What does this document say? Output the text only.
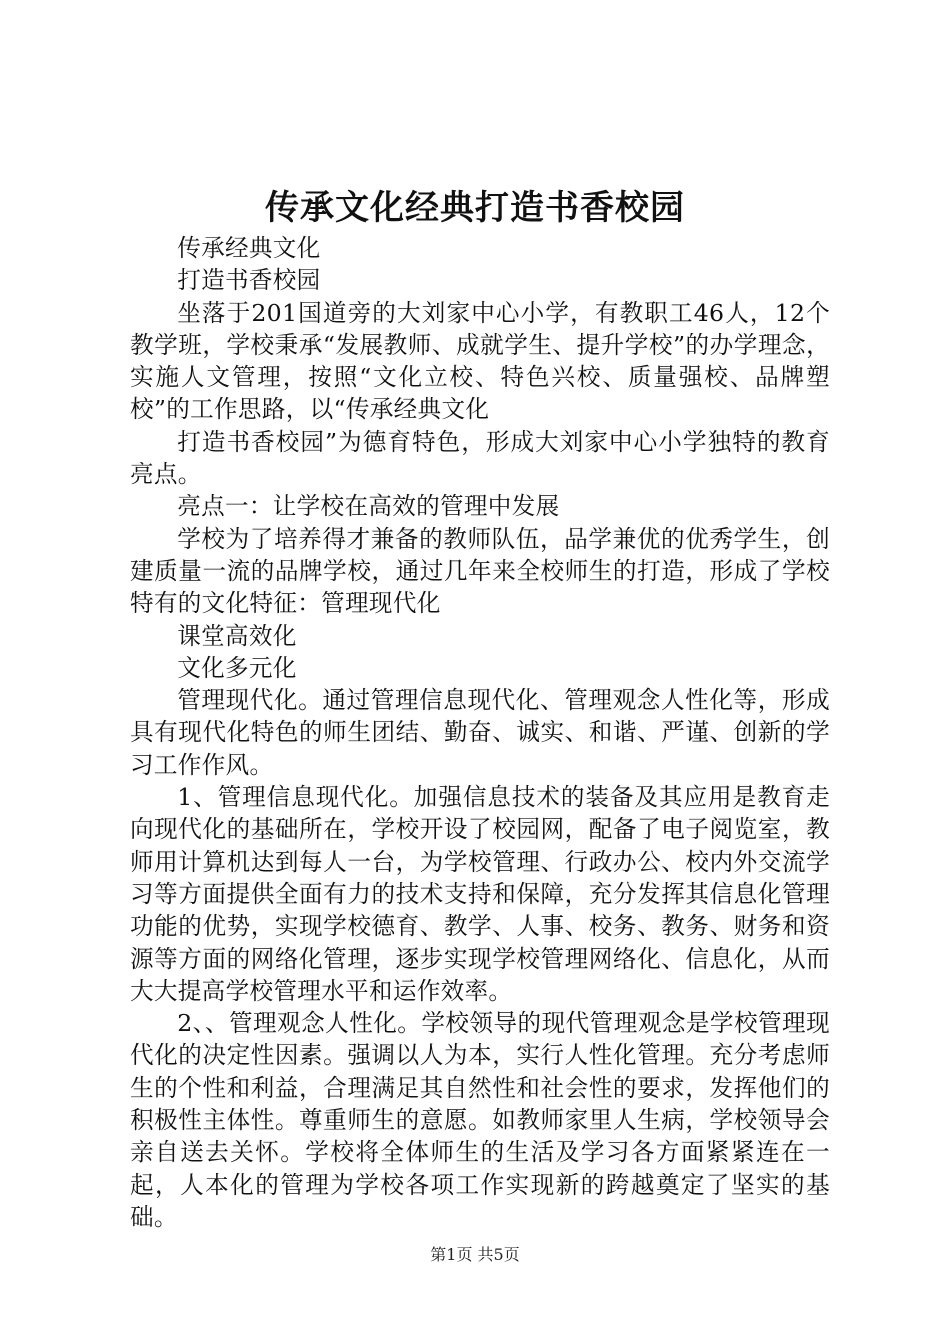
传承文化经典打造书香校园

传承经典文化

打造书香校园

坐落于201国道旁的大刘家中心小学，有教职工46人，12个教学班，学校秉承“发展教师、成就学生、提升学校”的办学理念，实施人文管理，按照“文化立校、特色兴校、质量强校、品牌塑校”的工作思路，以“传承经典文化

打造书香校园”为德育特色，形成大刘家中心小学独特的教育亮点。

亮点一：让学校在高效的管理中发展

学校为了培养得才兼备的教师队伍，品学兼优的优秀学生，创建质量一流的品牌学校，通过几年来全校师生的打造，形成了学校特有的文化特征：管理现代化

课堂高效化

文化多元化

管理现代化。通过管理信息现代化、管理观念人性化等，形成具有现代化特色的师生团结、勤奋、诚实、和谐、严谨、创新的学习工作作风。

1、管理信息现代化。加强信息技术的装备及其应用是教育走向现代化的基础所在，学校开设了校园网，配备了电子阅览室，教师用计算机达到每人一台，为学校管理、行政办公、校内外交流学习等方面提供全面有力的技术支持和保障，充分发挥其信息化管理功能的优势，实现学校德育、教学、人事、校务、教务、财务和资源等方面的网络化管理，逐步实现学校管理网络化、信息化，从而大大提高学校管理水平和运作效率。

2、、管理观念人性化。学校领导的现代管理观念是学校管理现代化的决定性因素。强调以人为本，实行人性化管理。充分考虑师生的个性和利益，合理满足其自然性和社会性的要求，发挥他们的积极性主体性。尊重师生的意愿。如教师家里人生病，学校领导会亲自送去关怀。学校将全体师生的生活及学习各方面紧紧连在一起，人本化的管理为学校各项工作实现新的跨越奠定了坚实的基础。

第1页 共5页
